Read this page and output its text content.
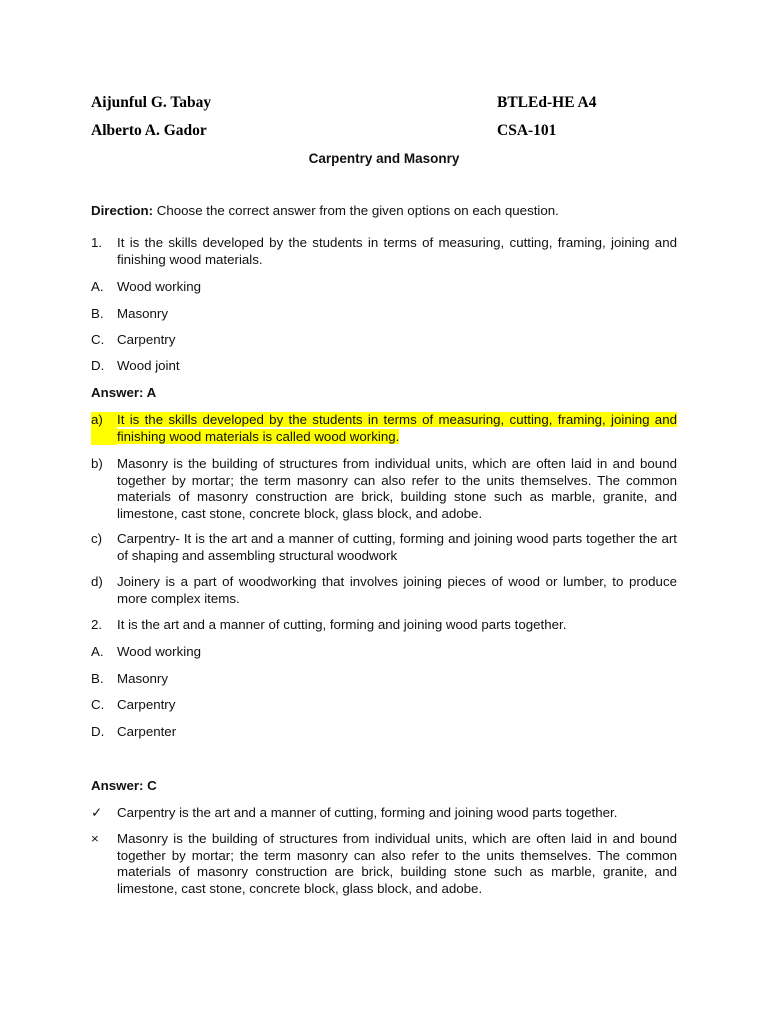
Aijunful G. Tabay	BTLEd-HE A4
Alberto A. Gador	CSA-101
Carpentry and Masonry
Direction: Choose the correct answer from the given options on each question.
1.	It is the skills developed by the students in terms of measuring, cutting, framing, joining and finishing wood materials.
A.	Wood working
B.	Masonry
C. Carpentry
D. Wood joint
Answer: A
a)	It is the skills developed by the students in terms of measuring, cutting, framing, joining and finishing wood materials is called wood working.
b)	Masonry is the building of structures from individual units, which are often laid in and bound together by mortar; the term masonry can also refer to the units themselves. The common materials of masonry construction are brick, building stone such as marble, granite, and limestone, cast stone, concrete block, glass block, and adobe.
c)	Carpentry- It is the art and a manner of cutting, forming and joining wood parts together the art of shaping and assembling structural woodwork
d)	Joinery is a part of woodworking that involves joining pieces of wood or lumber, to produce more complex items.
2.	It is the art and a manner of cutting, forming and joining wood parts together.
A.	Wood working
B.	Masonry
C. Carpentry
D. Carpenter
Answer: C
✓	Carpentry is the art and a manner of cutting, forming and joining wood parts together.
×	Masonry is the building of structures from individual units, which are often laid in and bound together by mortar; the term masonry can also refer to the units themselves. The common materials of masonry construction are brick, building stone such as marble, granite, and limestone, cast stone, concrete block, glass block, and adobe.
